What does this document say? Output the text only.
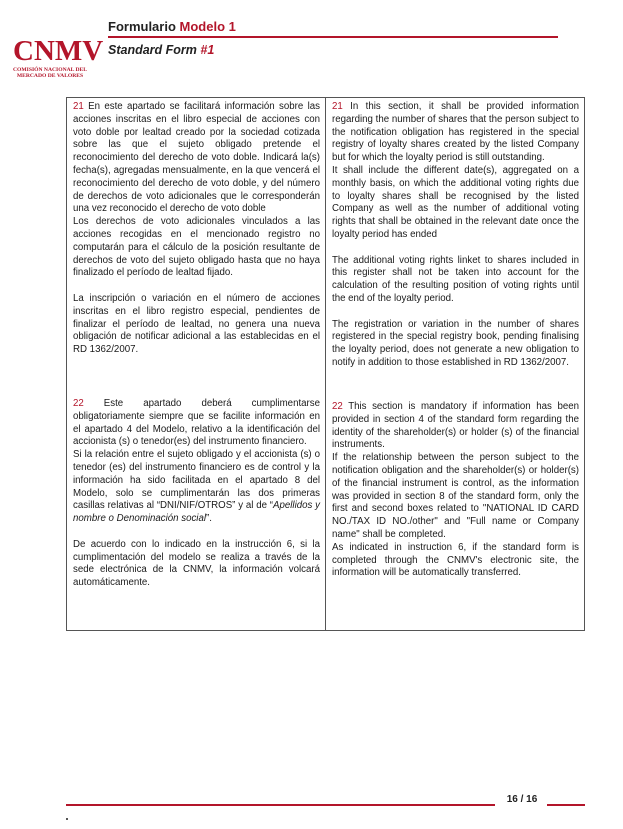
CNMV
COMISIÓN NACIONAL DEL MERCADO DE VALORES
Formulario Modelo 1
Standard Form #1

21 En este apartado se facilitará información sobre las acciones inscritas en el libro especial de acciones con voto doble por lealtad creado por la sociedad cotizada sobre las que el sujeto obligado pretende el reconocimiento del derecho de voto doble. Indicará la(s) fecha(s), agregadas mensualmente, en la que vencerá el reconocimiento del derecho de voto doble, y del número de derechos de voto adicionales que le corresponderán una vez reconocido el derecho de voto doble

Los derechos de voto adicionales vinculados a las acciones recogidas en el mencionado registro no computarán para el cálculo de la posición resultante de derechos de voto del sujeto obligado hasta que no haya finalizado el período de lealtad fijado.

La inscripción o variación en el número de acciones inscritas en el libro registro especial, pendientes de finalizar el período de lealtad, no genera una nueva obligación de notificar adicional a las establecidas en el RD 1362/2007.

22 Este apartado deberá cumplimentarse obligatoriamente siempre que se facilite información en el apartado 4 del Modelo, relativo a la identificación del accionista (s) o tenedor(es) del instrumento financiero.

Si la relación entre el sujeto obligado y el accionista (s) o tenedor (es) del instrumento financiero es de control y la información ha sido facilitada en el apartado 8 del Modelo, solo se cumplimentarán las dos primeras casillas relativas al “DNI/NIF/OTROS” y al de “Apellidos y nombre o Denominación social”.

De acuerdo con lo indicado en la instrucción 6, si la cumplimentación del modelo se realiza a través de la sede electrónica de la CNMV, la información volcará automáticamente.

21 In this section, it shall be provided information regarding the number of shares that the person subject to the notification obligation has registered in the special registry of loyalty shares created by the listed Company but for which the loyalty period is still outstanding.

It shall include the different date(s), aggregated on a monthly basis, on which the additional voting rights due to loyalty shares shall be recognised by the listed Company as well as the number of additional voting rights that shall be obtained in the relevant date once the loyalty period has ended

The additional voting rights linket to shares included in this register shall not be taken into account for the calculation of the resulting position of voting rights until the end of the loyalty period.

The registration or variation in the number of shares registered in the special registry book, pending finalising the loyalty period, does not generate a new obligation to notify in addition to those established in RD 1362/2007.

22 This section is mandatory if information has been provided in section 4 of the standard form regarding the identity of the shareholder(s) or holder (s) of the financial instruments.

If the relationship between the person subject to the notification obligation and the shareholder(s) or holder(s) of the financial instrument is control, as the information was provided in section 8 of the standard form, only the first and second boxes related to "NATIONAL ID CARD NO./TAX ID NO./other" and "Full name or Company name" shall be completed.

As indicated in instruction 6, if the standard form is completed through the CNMV's electronic site, the information will be automatically transferred.

16 / 16
